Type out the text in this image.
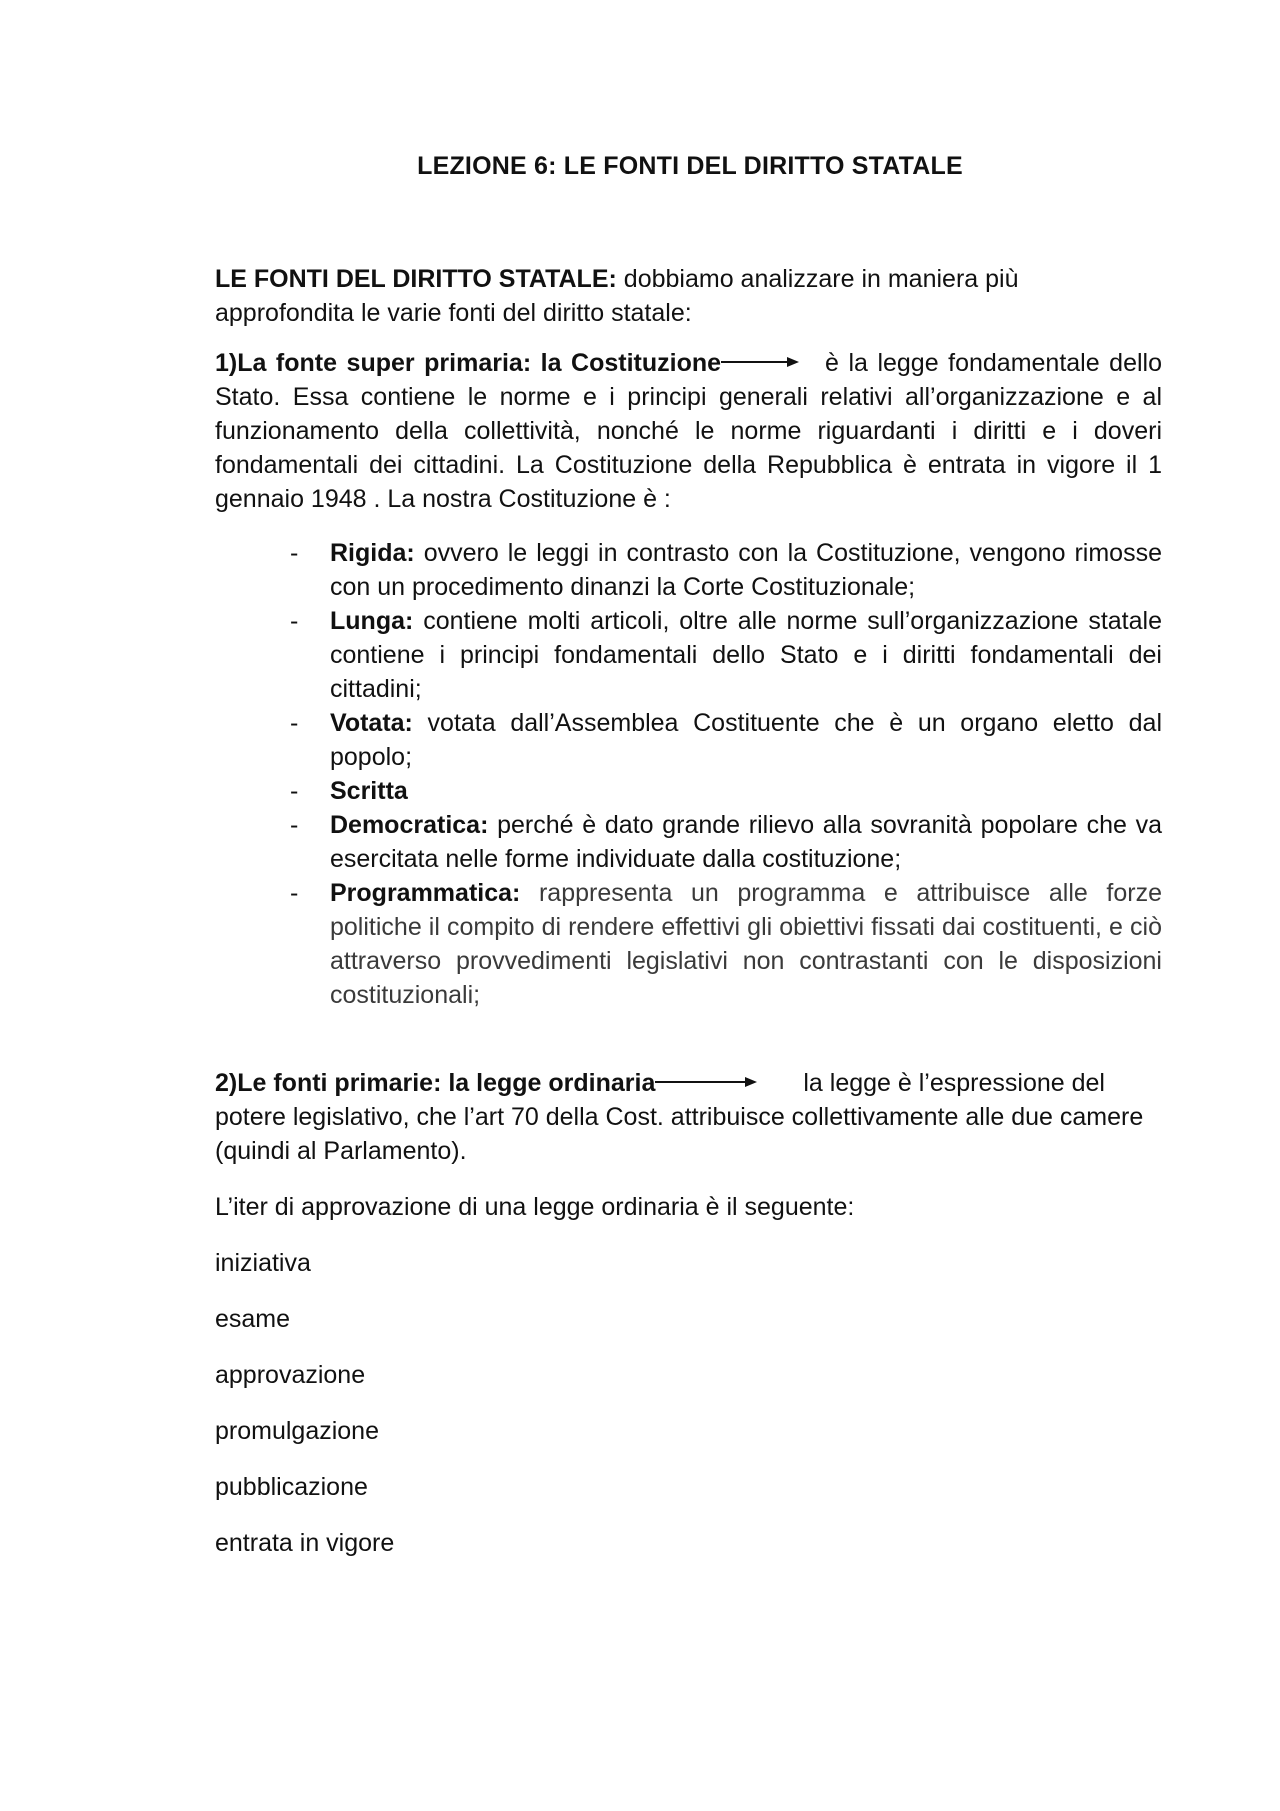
LEZIONE 6: LE FONTI DEL DIRITTO STATALE

LE FONTI DEL DIRITTO STATALE: dobbiamo analizzare in maniera più approfondita le varie fonti del diritto statale:

1)La fonte super primaria: la Costituzione	è la legge fondamentale dello Stato. Essa contiene le norme e i principi generali relativi all’organizzazione e al funzionamento della collettività, nonché le norme riguardanti i diritti e i doveri fondamentali dei cittadini. La Costituzione della Repubblica è entrata in vigore il 1 gennaio 1948 . La nostra Costituzione è :
- Rigida: ovvero le leggi in contrasto con la Costituzione, vengono rimosse con un procedimento dinanzi la Corte Costituzionale;
- Lunga: contiene molti articoli, oltre alle norme sull’organizzazione statale contiene i principi fondamentali dello Stato e i diritti fondamentali dei cittadini;
- Votata: votata dall’Assemblea Costituente che è un organo eletto dal popolo;
- Scritta
- Democratica: perché è dato grande rilievo alla sovranità popolare che va esercitata nelle forme individuate dalla costituzione;
- Programmatica: rappresenta un programma e attribuisce alle forze politiche il compito di rendere effettivi gli obiettivi fissati dai costituenti, e ciò attraverso provvedimenti legislativi non contrastanti con le disposizioni costituzionali;

2)Le fonti primarie: la legge ordinaria	la legge è l’espressione del potere legislativo, che l’art 70 della Cost. attribuisce collettivamente alle due camere (quindi al Parlamento).

L’iter di approvazione di una legge ordinaria è il seguente:

iniziativa
esame
approvazione
promulgazione
pubblicazione
entrata in vigore
